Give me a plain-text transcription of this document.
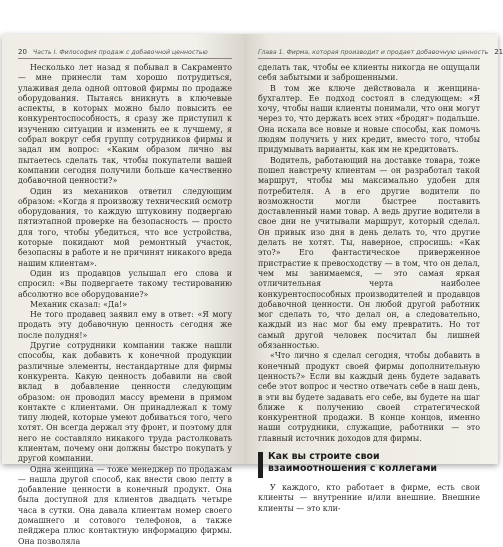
20 Часть I. Философия продаж с добавочной ценностью

Несколько лет назад я побывал в Сакраменто — мне принесли там хорошо потрудиться, улаживая дела одной оптовой фирмы по продаже оборудования. Пытаясь вникнуть в ключевые аспекты, в которых можно было повысить ее конкурентоспособность, я сразу же приступил к изучению ситуации и изменить ее к лучшему, я собрал вокруг себя группу сотрудников фирмы и задал им вопрос: «Каким образом лично вы пытаетесь сделать так, чтобы покупатели вашей компании сегодня получили больше качественно добавочной ценности?»

Один из механиков ответил следующим образом: «Когда я произвожу технический осмотр оборудования, то каждую штуковину подвергаю пятиэтапной проверке на безопасность — просто для того, чтобы убедиться, что все устройства, которые покидают мой ремонтный участок, безопасны в работе и не причинят никакого вреда нашим клиентам».

Один из продавцов услышал его слова и спросил: «Вы подвергаете такому тестированию абсолютно все оборудование?»

Механик сказал: «Да!»

Не того продавец заявил ему в ответ: «Я могу продать эту добавочную ценность сегодня же после полудня!»

Другие сотрудники компании также нашли способы, как добавить к конечной продукции различные элементы, нестандартные для фирмы конкурента. Какую ценность добавили на свой вклад в добавление ценности следующим образом: он проводил массу времени в прямом контакте с клиентами. Он принадлежал к тому типу людей, которые умеют добиваться того, чего хотят. Он всегда держал эту фронт, и поэтому для него не составляло никакого труда растолковать клиентам, почему они должны быстро покупать у другой компании.

Одна женщина — тоже менеджер по продажам — нашла другой способ, как внести свою лепту в добавление ценности в конечный продукт. Она была доступной для клиентов двадцать четыре часа в сутки. Она давала клиентам номер своего домашнего и сотового телефонов, а также пейджера плюс контактную информацию фирмы. Она позволяла

Глава 1. Фирма, которая производит и продает добавочную ценность 21

сделать так, чтобы ее клиенты никогда не ощущали себя забытыми и заброшенными.

В том же ключе действовала и женщина-бухгалтер. Ее подход состоял в следующем: «Я хочу, чтобы наши клиенты понимали, что они могут через то, что держать всех этих «бродяг» подальше. Она искала все новые и новые способы, как помочь людям получить у них кредит, вместо того, чтобы придумывать варианты, как им не кредитовать.

Водитель, работающий на доставке товара, тоже пошел навстречу клиентам — он разработал такой маршрут, чтобы мы максимально удобен для потребителя. А в его другие водители по возможности могли быстрее поставить доставленный нами товар. А ведь другие водители в свое дни не учитывали маршрут, который сделал. Он привык изо дня в день делать то, что другие делать не хотят. Ты, наверное, спросишь: «Как это?» Его фантастическое приверженное пристрастие к превосходству — в том, что он делал, чем мы занимаемся, — это самая яркая отличительная черта наиболее конкурентоспособных производителей и продавцов добавочной ценности. Он любой другой работник мог сделать то, что делал он, а следовательно, каждый из нас мог бы ему превратить. Но тот самый другой человек посчитал бы лишней обязанностью.

«Что лично я сделал сегодня, чтобы добавить в конечный продукт своей фирмы дополнительную ценность?» Если вы каждый день будете задавать себе этот вопрос и честно отвечать себе в наш день, в эти вы будете задавать его себе, вы будете на шаг ближе к получению своей стратегической конкурентной продажи. В конце концов, именно наши сотрудники, служащие, работники — это главный источник доходов для фирмы.

Как вы строите свои взаимоотношения с коллегами

У каждого, кто работает в фирме, есть свои клиенты — внутренние и/или внешние. Внешние клиенты — это кли-
